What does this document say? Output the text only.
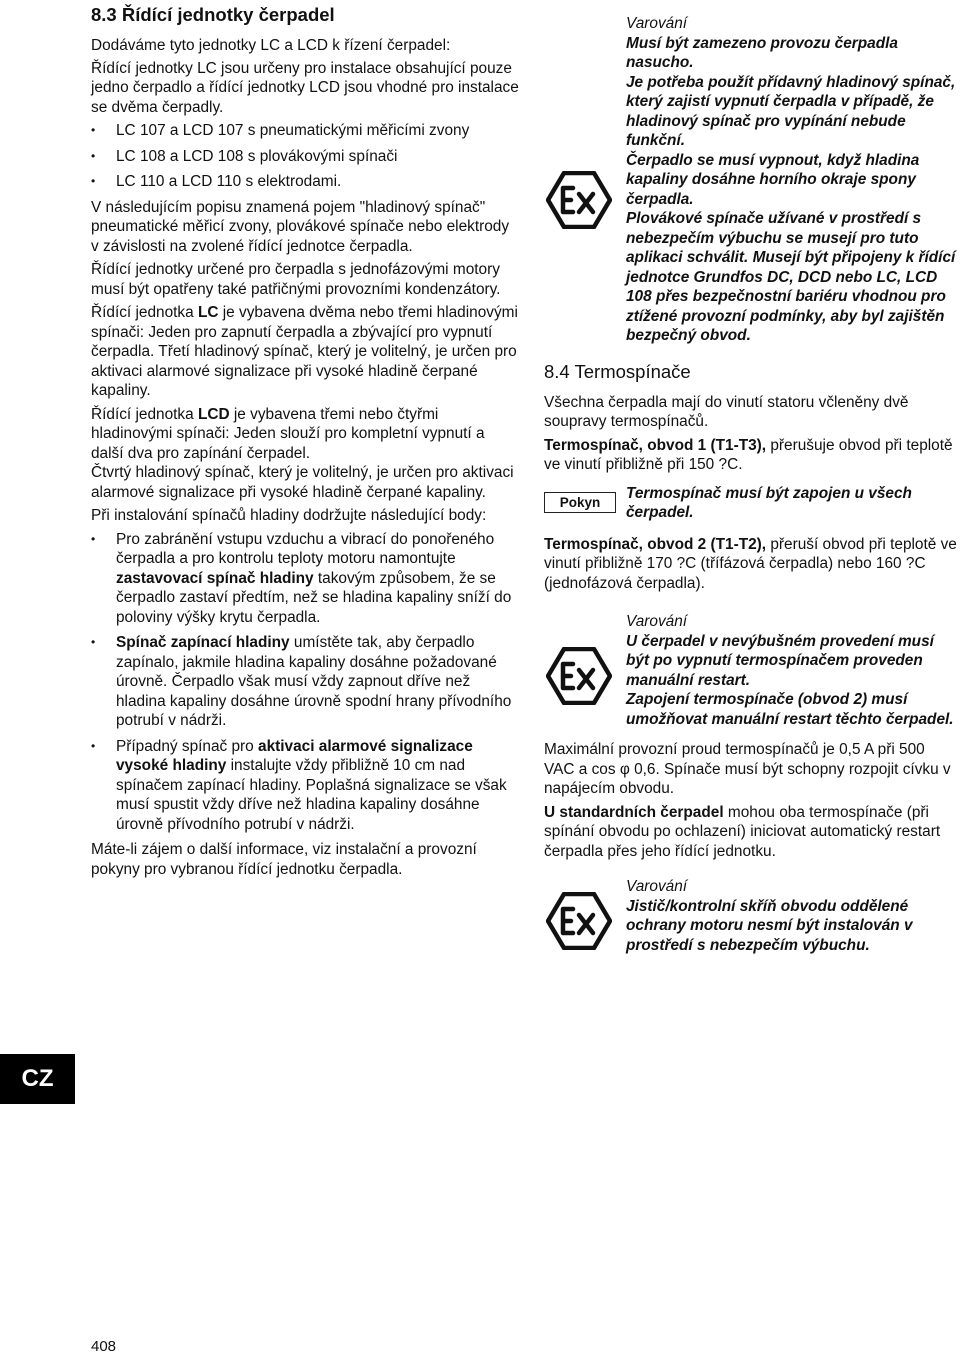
8.3 Řídící jednotky čerpadel

Dodáváme tyto jednotky LC a LCD k řízení čerpadel:

Řídící jednotky LC jsou určeny pro instalace obsahující pouze jedno čerpadlo a řídící jednotky LCD jsou vhodné pro instalace se dvěma čerpadly.

• LC 107 a LCD 107 s pneumatickými měřicími zvony
• LC 108 a LCD 108 s plovákovými spínači
• LC 110 a LCD 110 s elektrodami.

V následujícím popisu znamená pojem "hladinový spínač" pneumatické měřicí zvony, plovákové spínače nebo elektrody v závislosti na zvolené řídící jednotce čerpadla.

Řídící jednotky určené pro čerpadla s jednofázovými motory musí být opatřeny také patřičnými provozními kondenzátory.

Řídící jednotka LC je vybavena dvěma nebo třemi hladinovými spínači: Jeden pro zapnutí čerpadla a zbývající pro vypnutí čerpadla. Třetí hladinový spínač, který je volitelný, je určen pro aktivaci alarmové signalizace při vysoké hladině čerpané kapaliny.

Řídící jednotka LCD je vybavena třemi nebo čtyřmi hladinovými spínači: Jeden slouží pro kompletní vypnutí a další dva pro zapínání čerpadel.

Čtvrtý hladinový spínač, který je volitelný, je určen pro aktivaci alarmové signalizace při vysoké hladině čerpané kapaliny.

Při instalování spínačů hladiny dodržujte následující body:

• Pro zabránění vstupu vzduchu a vibrací do ponořeného čerpadla a pro kontrolu teploty motoru namontujte zastavovací spínač hladiny takovým způsobem, že se čerpadlo zastaví předtím, než se hladina kapaliny sníží do poloviny výšky krytu čerpadla.
• Spínač zapínací hladiny umístěte tak, aby čerpadlo zapínalo, jakmile hladina kapaliny dosáhne požadované úrovně. Čerpadlo však musí vždy zapnout dříve než hladina kapaliny dosáhne úrovně spodní hrany přívodního potrubí v nádrži.
• Případný spínač pro aktivaci alarmové signalizace vysoké hladiny instalujte vždy přibližně 10 cm nad spínačem zapínací hladiny. Poplašná signalizace se však musí spustit vždy dříve než hladina kapaliny dosáhne úrovně přívodního potrubí v nádrži.

Máte-li zájem o další informace, viz instalační a provozní pokyny pro vybranou řídící jednotku čerpadla.

Varování
Musí být zamezeno provozu čerpadla nasucho.
Je potřeba použít přídavný hladinový spínač, který zajistí vypnutí čerpadla v případě, že hladinový spínač pro vypínání nebude funkční.
Čerpadlo se musí vypnout, když hladina kapaliny dosáhne horního okraje spony čerpadla.
Plovákové spínače užívané v prostředí s nebezpečím výbuchu se musejí pro tuto aplikaci schválit. Musejí být připojeny k řídící jednotce Grundfos DC, DCD nebo LC, LCD 108 přes bezpečnostní bariéru vhodnou pro ztížené provozní podmínky, aby byl zajištěn bezpečný obvod.
8.4 Termospínače

Všechna čerpadla mají do vinutí statoru včleněny dvě soupravy termospínačů.

Termospínač, obvod 1 (T1-T3), přerušuje obvod při teplotě ve vinutí přibližně při 150 ?C.

Pokyn
Termospínač musí být zapojen u všech čerpadel.

Termospínač, obvod 2 (T1-T2), přeruší obvod při teplotě ve vinutí přibližně 170 ?C (třífázová čerpadla) nebo 160 ?C (jednofázová čerpadla).

Varování
U čerpadel v nevýbušném provedení musí být po vypnutí termospínačem proveden manuální restart.
Zapojení termospínače (obvod 2) musí umožňovat manuální restart těchto čerpadel.

Maximální provozní proud termospínačů je 0,5 A při 500 VAC a cos φ 0,6. Spínače musí být schopny rozpojit cívku v napájecím obvodu.

U standardních čerpadel mohou oba termospínače (při spínání obvodu po ochlazení) iniciovat automatický restart čerpadla přes jeho řídící jednotku.

Varování
Jistič/kontrolní skříň obvodu oddělené ochrany motoru nesmí být instalován v prostředí s nebezpečím výbuchu.
CZ
408
